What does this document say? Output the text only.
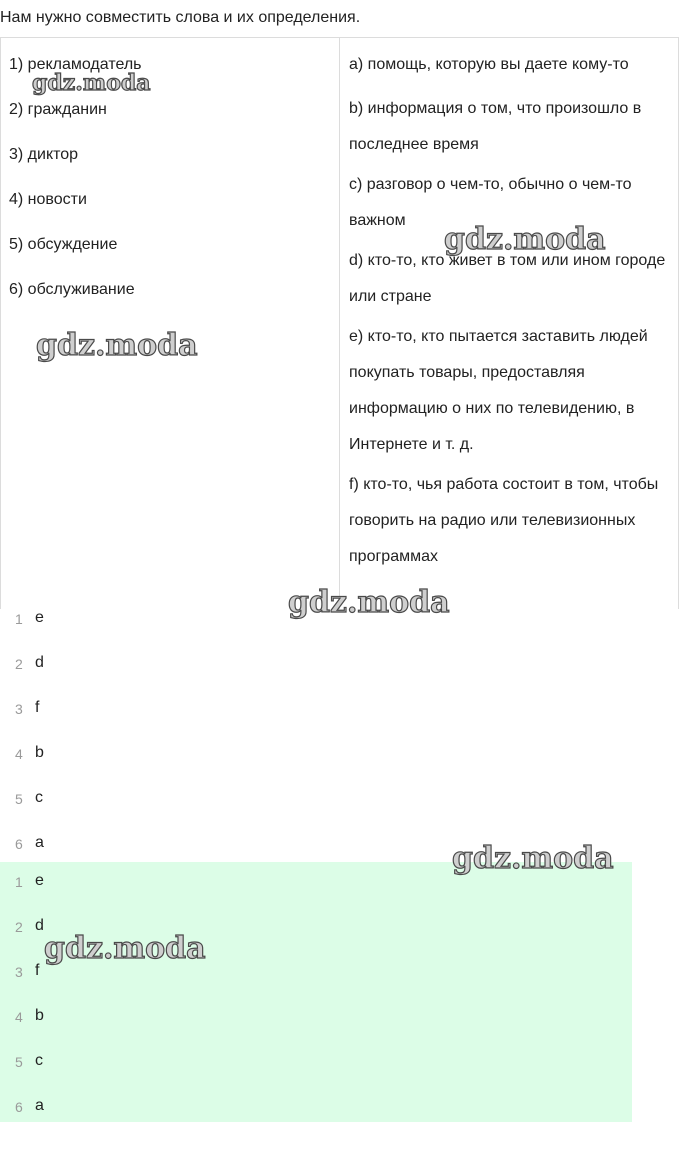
Нам нужно совместить слова и их определения.
1) рекламодатель
2) гражданин
3) диктор
4) новости
5) обсуждение
6) обслуживание
a) помощь, которую вы даете кому-то
b) информация о том, что произошло в последнее время
c) разговор о чем-то, обычно о чем-то важном
d) кто-то, кто живет в том или ином городе или стране
e) кто-то, кто пытается заставить людей покупать товары, предоставляя информацию о них по телевидению, в Интернете и т. д.
f) кто-то, чья работа состоит в том, чтобы говорить на радио или телевизионных программах
1 e
2 d
3 f
4 b
5 c
6 a
1 e
2 d
3 f
4 b
5 c
6 a
gdz.moda
gdz.moda
gdz.moda
gdz.moda
gdz.moda
gdz.moda
